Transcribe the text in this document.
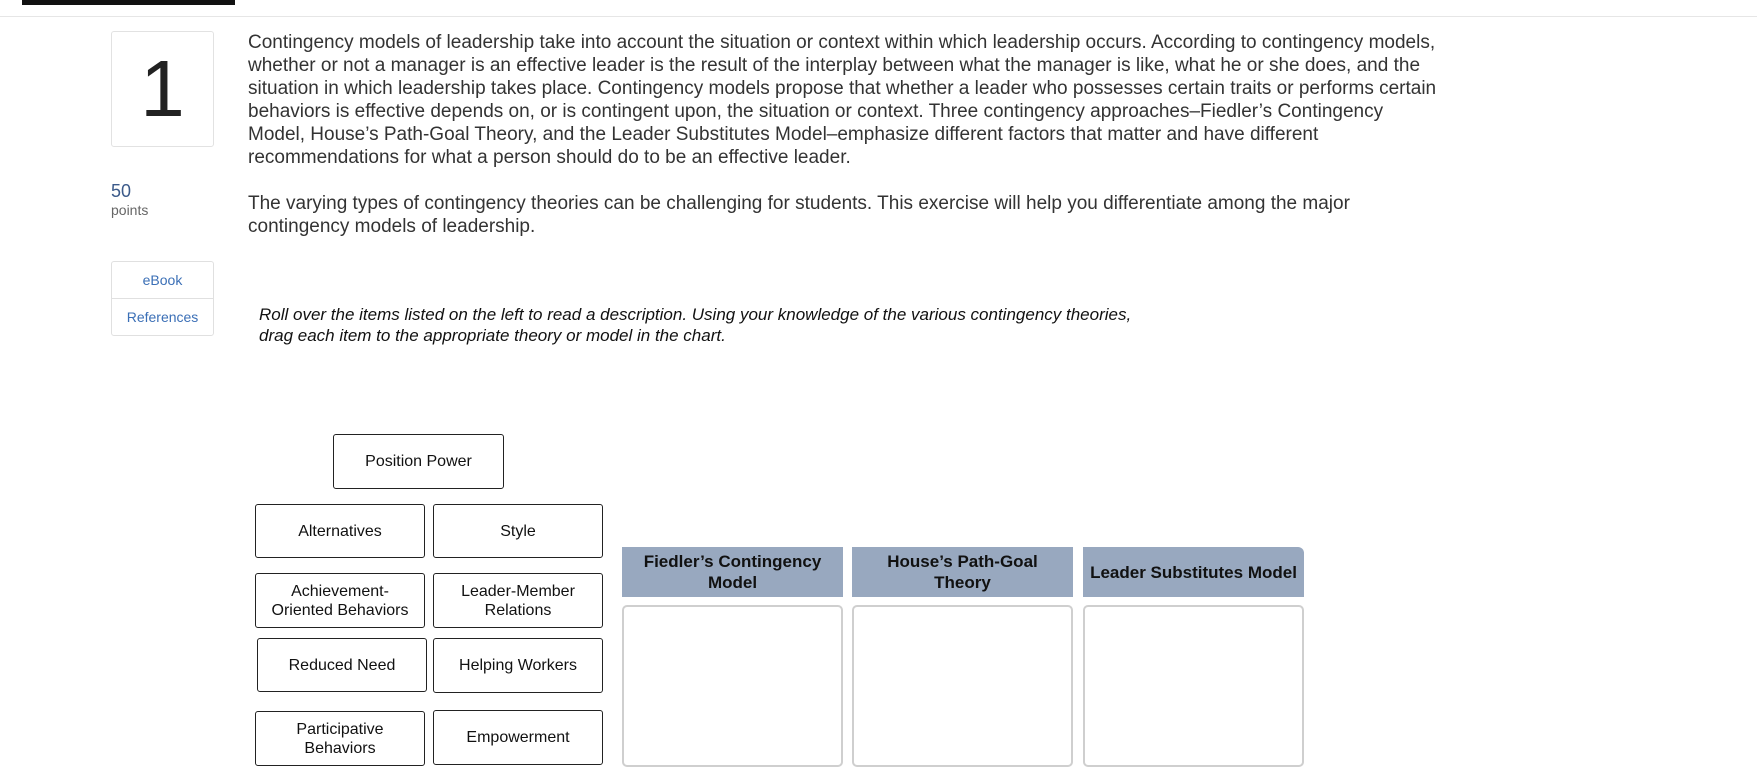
1
50
points
eBook
References

Contingency models of leadership take into account the situation or context within which leadership occurs. According to contingency models, whether or not a manager is an effective leader is the result of the interplay between what the manager is like, what he or she does, and the situation in which leadership takes place. Contingency models propose that whether a leader who possesses certain traits or performs certain behaviors is effective depends on, or is contingent upon, the situation or context. Three contingency approaches–Fiedler’s Contingency Model, House’s Path-Goal Theory, and the Leader Substitutes Model–emphasize different factors that matter and have different recommendations for what a person should do to be an effective leader.

The varying types of contingency theories can be challenging for students. This exercise will help you differentiate among the major contingency models of leadership.

Roll over the items listed on the left to read a description. Using your knowledge of the various contingency theories,
drag each item to the appropriate theory or model in the chart.
Position Power
Alternatives	Style
Achievement-Oriented Behaviors
Leader-Member Relations
Reduced Need	Helping Workers
Participative Behaviors
Empowerment
Fiedler’s Contingency Model
House’s Path-Goal Theory
Leader Substitutes Model
